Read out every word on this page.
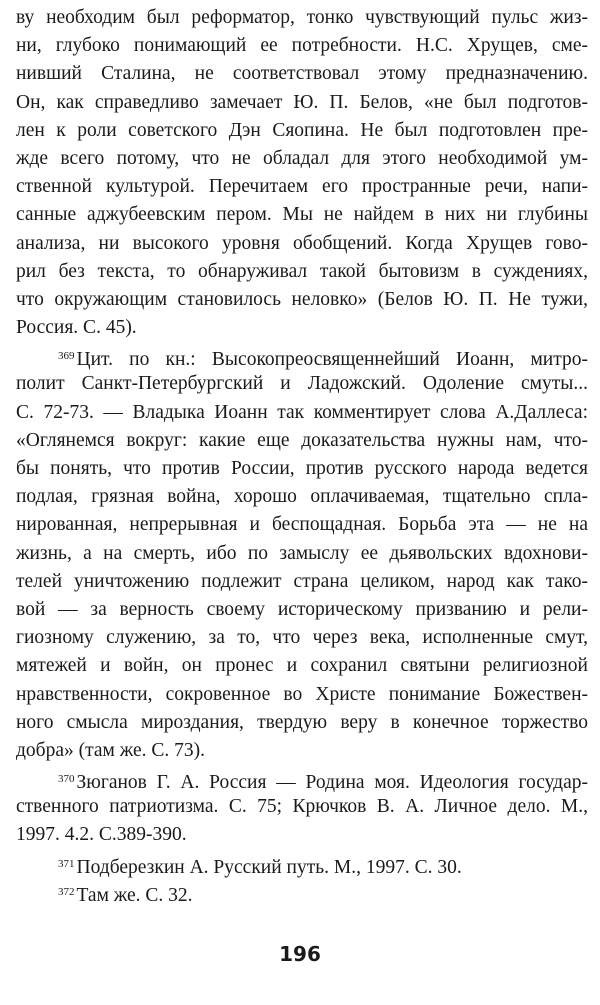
ву необходим был реформатор, тонко чувствующий пульс жиз-
ни, глубоко понимающий ее потребности. Н.С. Хрущев, сме-
нивший Сталина, не соответствовал этому предназначению.
Он, как справедливо замечает Ю. П. Белов, «не был подготов-
лен к роли советского Дэн Сяопина. Не был подготовлен пре-
жде всего потому, что не обладал для этого необходимой ум-
ственной культурой. Перечитаем его пространные речи, напи-
санные аджубеевским пером. Мы не найдем в них ни глубины
анализа, ни высокого уровня обобщений. Когда Хрущев гово-
рил без текста, то обнаруживал такой бытовизм в суждениях,
что окружающим становилось неловко» (Белов Ю. П. Не тужи,
Россия. С. 45).
$^{369}$ Цит. по кн.: Высокопреосвященнейший Иоанн, митро-
полит Санкт-Петербургский и Ладожский. Одоление смуты...
С. 72-73. — Владыка Иоанн так комментирует слова А.Даллеса:
«Оглянемся вокруг: какие еще доказательства нужны нам, что-
бы понять, что против России, против русского народа ведется
подлая, грязная война, хорошо оплачиваемая, тщательно спла-
нированная, непрерывная и беспощадная. Борьба эта — не на
жизнь, а на смерть, ибо по замыслу ее дьявольских вдохнови-
телей уничтожению подлежит страна целиком, народ как тако-
вой — за верность своему историческому призванию и рели-
гиозному служению, за то, что через века, исполненные смут,
мятежей и войн, он пронес и сохранил святыни религиозной
нравственности, сокровенное во Христе понимание Божествен-
ного смысла мироздания, твердую веру в конечное торжество
добра» (там же. С. 73).
$^{370}$ Зюганов Г. А. Россия — Родина моя. Идеология государ-
ственного патриотизма. С. 75; Крючков В. А. Личное дело. М.,
1997. 4.2. С.389-390.
$^{371}$ Подберезкин А. Русский путь. М., 1997. С. 30.
$^{372}$ Там же. С. 32.
196
